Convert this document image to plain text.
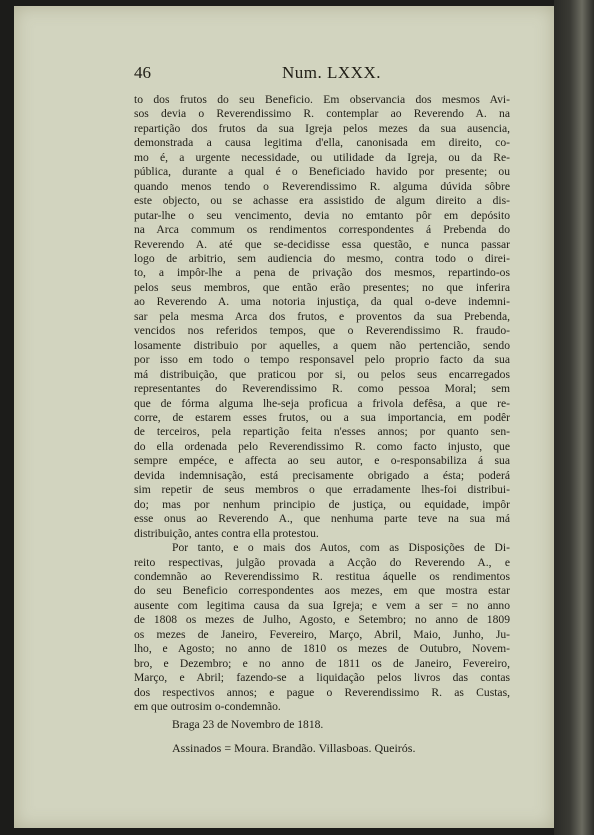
46	Num. LXXX.

to dos frutos do seu Beneficio. Em observancia dos mesmos Avi-
sos devia o Reverendissimo R. contemplar ao Reverendo A. na
repartição dos frutos da sua Igreja pelos mezes da sua ausencia,
demonstrada a causa legitima d'ella, canonisada em direito, co-
mo é, a urgente necessidade, ou utilidade da Igreja, ou da Re-
pública, durante a qual é o Beneficiado havido por presente; ou
quando menos tendo o Reverendissimo R. alguma dúvida sôbre
este objecto, ou se achasse era assistido de algum direito a dis-
putar-lhe o seu vencimento, devia no emtanto pôr em depósito
na Arca commum os rendimentos correspondentes á Prebenda do
Reverendo A. até que se-decidisse essa questão, e nunca passar
logo de arbitrio, sem audiencia do mesmo, contra todo o direi-
to, a impôr-lhe a pena de privação dos mesmos, repartindo-os
pelos seus membros, que então erão presentes; no que inferira
ao Reverendo A. uma notoria injustiça, da qual o-deve indemni-
sar pela mesma Arca dos frutos, e proventos da sua Prebenda,
vencidos nos referidos tempos, que o Reverendissimo R. fraudo-
losamente distribuio por aquelles, a quem não pertencião, sendo
por isso em todo o tempo responsavel pelo proprio facto da sua
má distribuição, que praticou por si, ou pelos seus encarregados
representantes do Reverendissimo R. como pessoa Moral; sem
que de fórma alguma lhe-seja proficua a frivola defêsa, a que re-
corre, de estarem esses frutos, ou a sua importancia, em podêr
de terceiros, pela repartição feita n'esses annos; por quanto sen-
do ella ordenada pelo Reverendissimo R. como facto injusto, que
sempre empéce, e affecta ao seu autor, e o-responsabiliza á sua
devida indemnisação, está precisamente obrigado a ésta; poderá
sim repetir de seus membros o que erradamente lhes-foi distribui-
do; mas por nenhum principio de justiça, ou equidade, impôr
esse onus ao Reverendo A., que nenhuma parte teve na sua má
distribuição, antes contra ella protestou.

Por tanto, e o mais dos Autos, com as Disposições de Di-
reito respectivas, julgão provada a Acção do Reverendo A., e
condemnão ao Reverendissimo R. restitua áquelle os rendimentos
do seu Beneficio correspondentes aos mezes, em que mostra estar
ausente com legitima causa da sua Igreja; e vem a ser = no anno
de 1808 os mezes de Julho, Agosto, e Setembro; no anno de 1809
os mezes de Janeiro, Fevereiro, Março, Abril, Maio, Junho, Ju-
lho, e Agosto; no anno de 1810 os mezes de Outubro, Novem-
bro, e Dezembro; e no anno de 1811 os de Janeiro, Fevereiro,
Março, e Abril; fazendo-se a liquidação pelos livros das contas
dos respectivos annos; e pague o Reverendissimo R. as Custas,
em que outrosim o-condemnão.

Braga 23 de Novembro de 1818.
Assinados = Moura. Brandão. Villasboas. Queirós.
